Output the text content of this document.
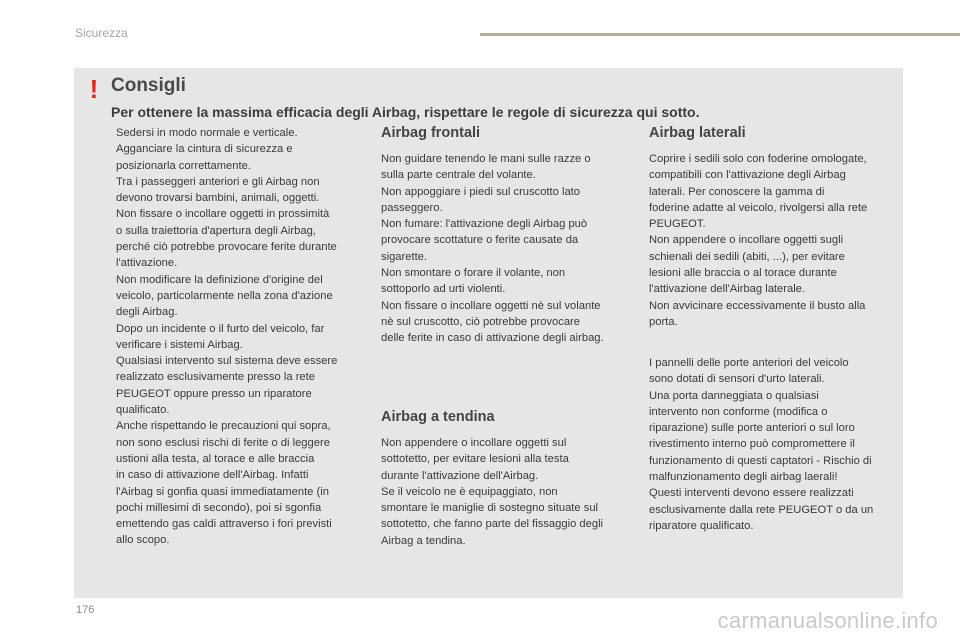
Sicurezza
! Consigli
Per ottenere la massima efficacia degli Airbag, rispettare le regole di sicurezza qui sotto.

Sedersi in modo normale e verticale.

Agganciare la cintura di sicurezza e

posizionarla correttamente.

Tra i passeggeri anteriori e gli Airbag non

devono trovarsi bambini, animali, oggetti.

Non fissare o incollare oggetti in prossimità

o sulla traiettoria d'apertura degli Airbag,

perché ciò potrebbe provocare ferite durante

l'attivazione.

Non modificare la definizione d'origine del

veicolo, particolarmente nella zona d'azione

degli Airbag.

Dopo un incidente o il furto del veicolo, far

verificare i sistemi Airbag.

Qualsiasi intervento sul sistema deve essere

realizzato esclusivamente presso la rete

PEUGEOT oppure presso un riparatore

qualificato.

Anche rispettando le precauzioni qui sopra,

non sono esclusi rischi di ferite o di leggere

ustioni alla testa, al torace e alle braccia

in caso di attivazione dell'Airbag. Infatti

l'Airbag si gonfia quasi immediatamente (in

pochi millesimi di secondo), poi si sgonfia

emettendo gas caldi attraverso i fori previsti

allo scopo.

Airbag frontali

Non guidare tenendo le mani sulle razze o

sulla parte centrale del volante.

Non appoggiare i piedi sul cruscotto lato

passeggero.

Non fumare: l'attivazione degli Airbag può

provocare scottature o ferite causate da

sigarette.

Non smontare o forare il volante, non

sottoporlo ad urti violenti.

Non fissare o incollare oggetti nè sul volante

nè sul cruscotto, ciò potrebbe provocare

delle ferite in caso di attivazione degli airbag.

Airbag a tendina

Non appendere o incollare oggetti sul

sottotetto, per evitare lesioni alla testa

durante l'attivazione dell'Airbag.

Se il veicolo ne è equipaggiato, non

smontare le maniglie di sostegno situate sul

sottotetto, che fanno parte del fissaggio degli

Airbag a tendina.

Airbag laterali

Coprire i sedili solo con foderine omologate,

compatibili con l'attivazione degli Airbag

laterali. Per conoscere la gamma di

foderine adatte al veicolo, rivolgersi alla rete

PEUGEOT.

Non appendere o incollare oggetti sugli

schienali dei sedili (abiti, ...), per evitare

lesioni alle braccia o al torace durante

l'attivazione dell'Airbag laterale.

Non avvicinare eccessivamente il busto alla

porta.

I pannelli delle porte anteriori del veicolo

sono dotati di sensori d'urto laterali.

Una porta danneggiata o qualsiasi

intervento non conforme (modifica o

riparazione) sulle porte anteriori o sul loro

rivestimento interno può compromettere il

funzionamento di questi captatori - Rischio di

malfunzionamento degli airbag laerali!

Questi interventi devono essere realizzati

esclusivamente dalla rete PEUGEOT o da un

riparatore qualificato.

176	carmanualsonline.info
